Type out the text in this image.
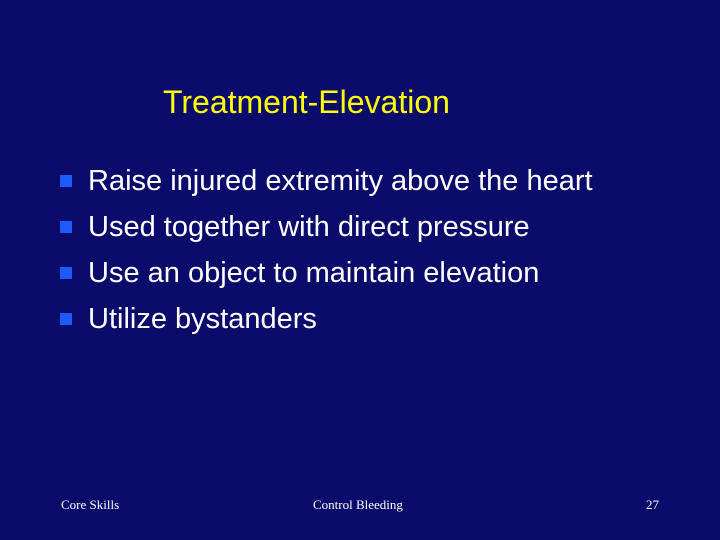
Treatment-Elevation
Raise injured extremity above the heart
Used together with direct pressure
Use an object to maintain elevation
Utilize bystanders
Core Skills	Control Bleeding	27
